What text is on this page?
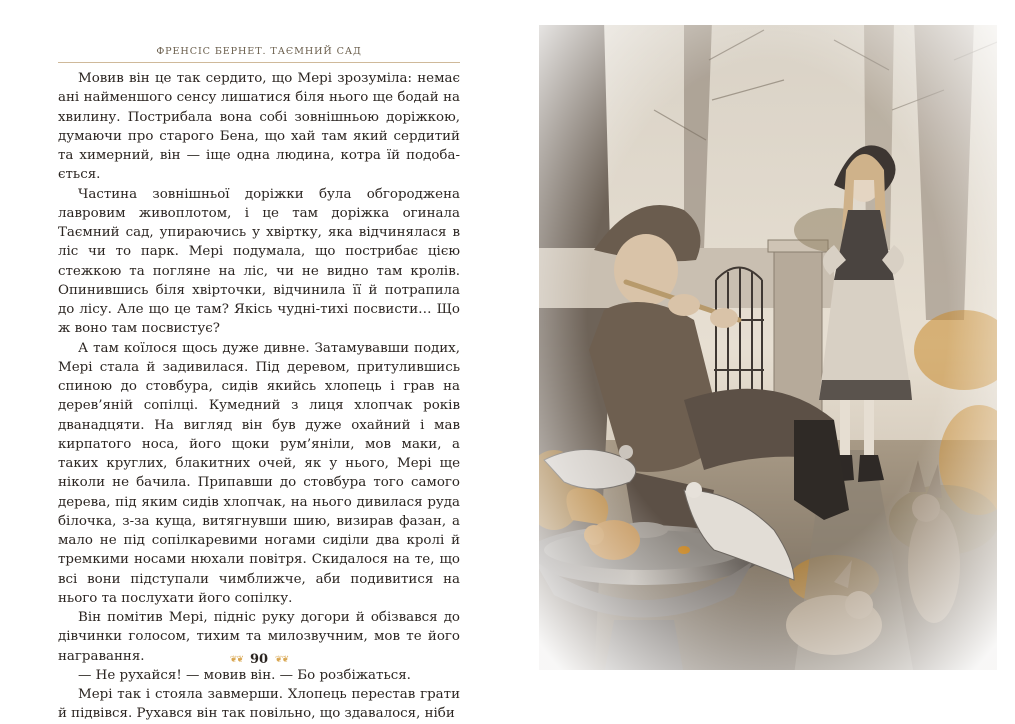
ФРЕНСІС БЕРНЕТ. ТАЄМНИЙ САД

Мовив він це так сердито, що Мері зрозуміла: немає ані найменшого сенсу лишатися біля нього ще бодай на хвилину. Пострибала вона собі зовнішньою доріжкою, думаючи про старого Бена, що хай там який сердитий та химерний, він — іще одна людина, котра їй подобається.

Частина зовнішньої доріжки була обгороджена лавровим живоплотом, і це там доріжка огинала Таємний сад, упираючись у хвіртку, яка відчинялася в ліс чи то парк. Мері подумала, що пострибає цією стежкою та погляне на ліс, чи не видно там кролів. Опинившись біля хвірточки, відчинила її й потрапила до лісу. Але що це там? Якісь чудні-тихі посвисти… Що ж воно там посвистує?

А там коїлося щось дуже дивне. Затамувавши подих, Мері стала й задивилася. Під деревом, притулившись спиною до стовбура, сидів якийсь хлопець і грав на дерев’яній сопілці. Кумедний з лиця хлопчак років дванадцяти. На вигляд він був дуже охайний і мав кирпатого носа, його щоки рум’яніли, мов маки, а таких круглих, блакитних очей, як у нього, Мері ще ніколи не бачила. Припавши до стовбура того самого дерева, під яким сидів хлопчак, на нього дивилася руда білочка, з-за куща, витягнувши шию, визирав фазан, а мало не під сопілкаревими ногами сиділи два кролі й тремкими носами нюхали повітря. Скидалося на те, що всі вони підступали чимближче, аби подивитися на нього та послухати його сопілку.

Він помітив Мері, підніс руку догори й обізвався до дівчинки голосом, тихим та милозвучним, мов те його награвання.

— Не рухайся! — мовив він. — Бо розбіжаться.

Мері так і стояла завмерши. Хлопець перестав грати й підвівся. Рухався він так повільно, що здавалося, ніби

❦❦ 90 ❦❦
